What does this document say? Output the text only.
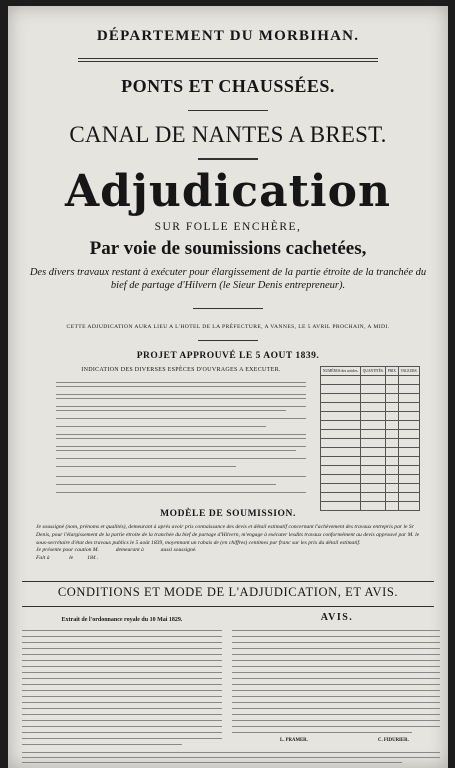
DÉPARTEMENT DU MORBIHAN.
PONTS ET CHAUSSÉES.
CANAL DE NANTES A BREST.
Adjudication
SUR FOLLE ENCHÈRE,
Par voie de soumissions cachetées,
Des divers travaux restant à exécuter pour élargissement de la partie étroite de la tranchée du bief de partage d'Hilvern (le Sieur Denis entrepreneur).
CETTE ADJUDICATION AURA LIEU A L'HOTEL DE LA PRÉFECTURE, A VANNES, LE 5 AVRIL PROCHAIN, A MIDI.
PROJET APPROUVÉ LE 5 AOUT 1839.
INDICATION DES DIVERSES ESPÈCES D'OUVRAGES A EXECUTER.	NUMÉROS des articles.	QUANTITÉS.	PRIX.	VALEURS.

MODÈLE DE SOUMISSION.
Je soussigné (nom, prénoms et qualités), demeurant à après avoir pris connaissance des devis et détail estimatif concernant l'achèvement des travaux entrepris par le Sr Denis, pour l'élargissement de la partie étroite de la tranchée du bief de partage d'Hilvern, m'engage à exécuter lesdits travaux conformément au devis approuvé par M. le sous-secrétaire d'état des travaux publics le 5 août 1839, moyennant un rabais de (en chiffres) centimes par franc sur les prix du détail estimatif.
Je présente pour caution M.	demeurant à	aussi soussigné.
Fait à	le 184 .
CONDITIONS ET MODE DE L'ADJUDICATION, ET AVIS.
Extrait de l'ordonnance royale du 10 Mai 1829.	AVIS.
L. PRAMER.	C. FIDURIER.
